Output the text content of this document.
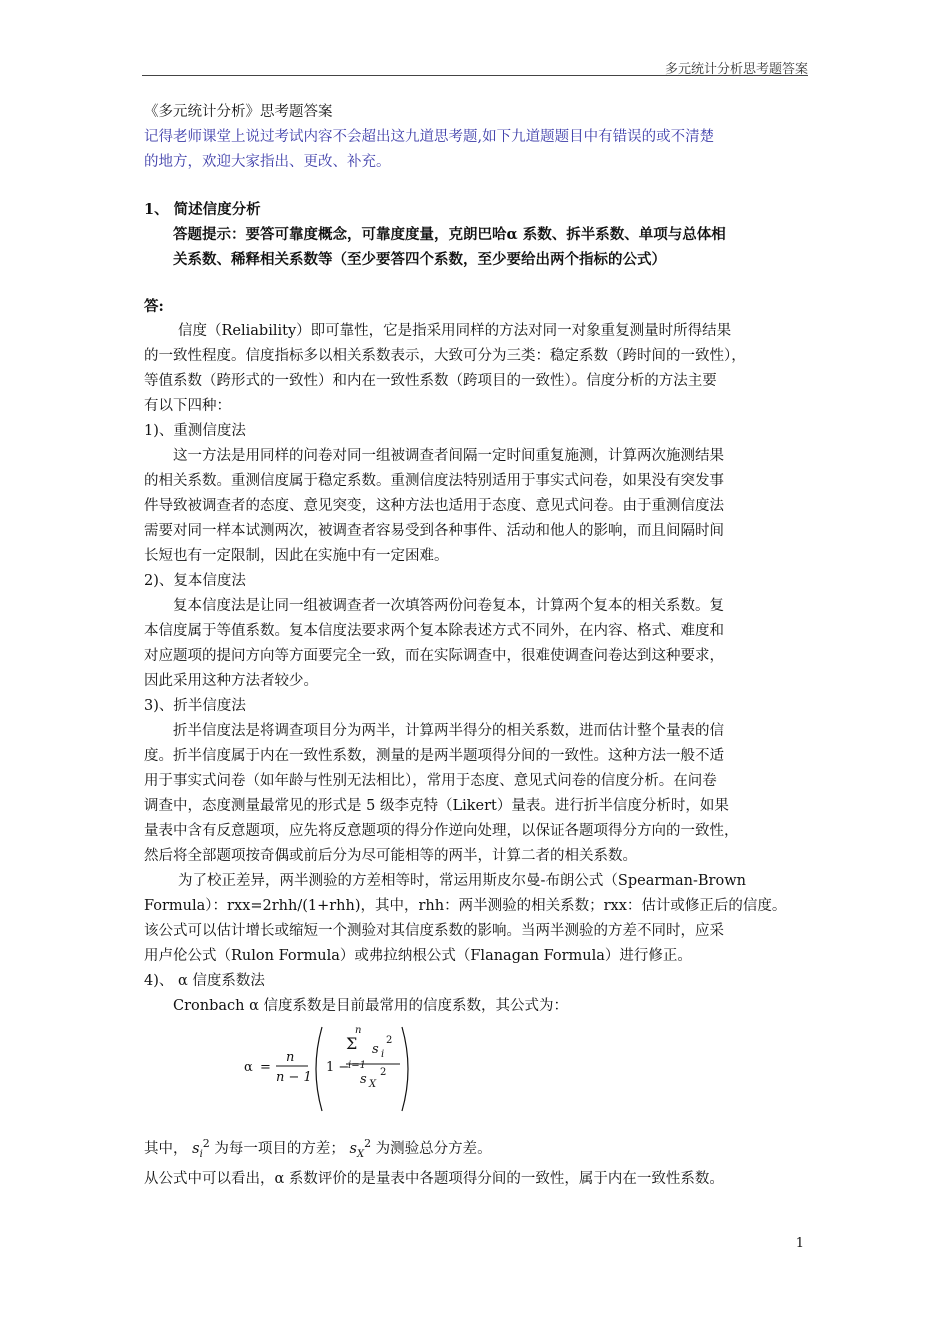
多元统计分析思考题答案
《多元统计分析》思考题答案
记得老师课堂上说过考试内容不会超出这九道思考题,如下九道题题目中有错误的或不清楚
的地方，欢迎大家指出、更改、补充。
1、 简述信度分析
答题提示：要答可靠度概念，可靠度度量，克朗巴哈α 系数、拆半系数、单项与总体相
关系数、稀释相关系数等（至少要答四个系数，至少要给出两个指标的公式）
答:
信度（Reliability）即可靠性，它是指采用同样的方法对同一对象重复测量时所得结果
的一致性程度。信度指标多以相关系数表示，大致可分为三类：稳定系数（跨时间的一致性），
等值系数（跨形式的一致性）和内在一致性系数（跨项目的一致性）。信度分析的方法主要
有以下四种：
1)、重测信度法
这一方法是用同样的问卷对同一组被调查者间隔一定时间重复施测，计算两次施测结果
的相关系数。重测信度属于稳定系数。重测信度法特别适用于事实式问卷，如果没有突发事
件导致被调查者的态度、意见突变，这种方法也适用于态度、意见式问卷。由于重测信度法
需要对同一样本试测两次，被调查者容易受到各种事件、活动和他人的影响，而且间隔时间
长短也有一定限制，因此在实施中有一定困难。
2)、复本信度法
复本信度法是让同一组被调查者一次填答两份问卷复本，计算两个复本的相关系数。复
本信度属于等值系数。复本信度法要求两个复本除表述方式不同外，在内容、格式、难度和
对应题项的提问方向等方面要完全一致，而在实际调查中，很难使调查问卷达到这种要求，
因此采用这种方法者较少。
3)、折半信度法
折半信度法是将调查项目分为两半，计算两半得分的相关系数，进而估计整个量表的信
度。折半信度属于内在一致性系数，测量的是两半题项得分间的一致性。这种方法一般不适
用于事实式问卷（如年龄与性别无法相比），常用于态度、意见式问卷的信度分析。在问卷
调查中，态度测量最常见的形式是 5 级李克特（Likert）量表。进行折半信度分析时，如果
量表中含有反意题项，应先将反意题项的得分作逆向处理，以保证各题项得分方向的一致性，
然后将全部题项按奇偶或前后分为尽可能相等的两半，计算二者的相关系数。
为了校正差异，两半测验的方差相等时，常运用斯皮尔曼-布朗公式（Spearman-Brown
Formula）：rxx=2rhh/(1+rhh)，其中，rhh：两半测验的相关系数；rxx：估计或修正后的信度。
该公式可以估计增长或缩短一个测验对其信度系数的影响。当两半测验的方差不同时，应采
用卢伦公式（Rulon Formula）或弗拉纳根公式（Flanagan Formula）进行修正。
4)、 α 信度系数法
Cronbach α 信度系数是目前最常用的信度系数，其公式为：
α =
n
n − 1
1 −
n
Σ s i
2
i=1
s X
2
其中， $s_i^2$ 为每一项目的方差； $s_X^2$ 为测验总分方差。
从公式中可以看出，α 系数评价的是量表中各题项得分间的一致性，属于内在一致性系数。
1
